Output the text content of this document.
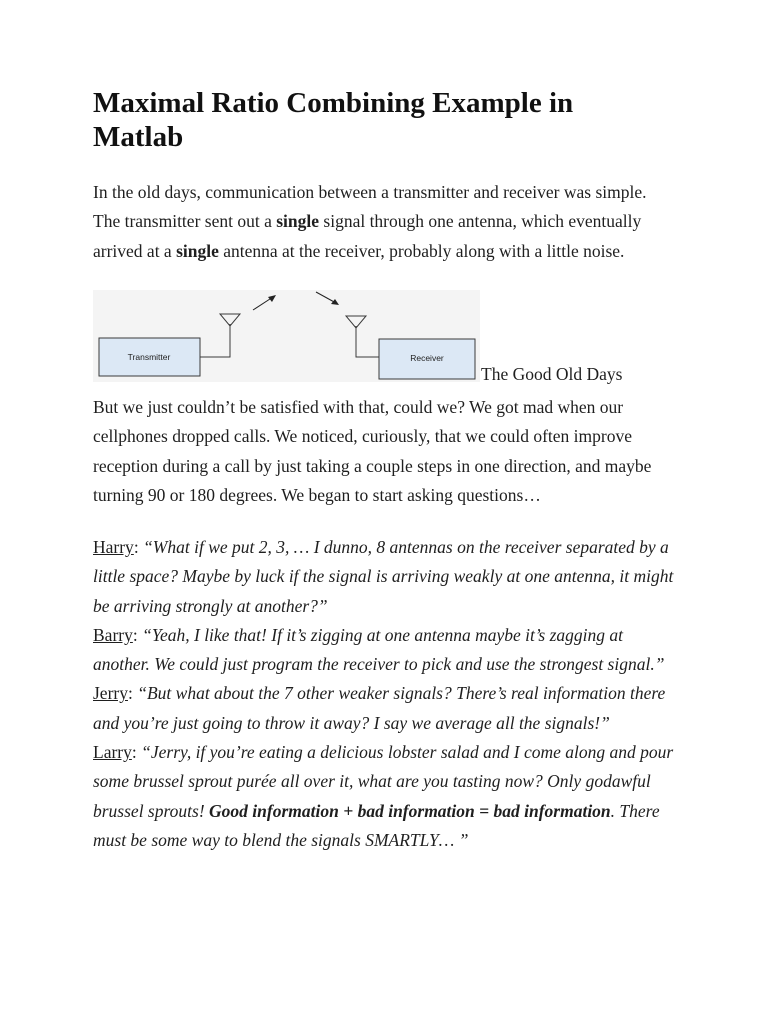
Maximal Ratio Combining Example in Matlab

In the old days, communication between a transmitter and receiver was simple. The transmitter sent out a single signal through one antenna, which eventually arrived at a single antenna at the receiver, probably along with a little noise.

Transmitter	Receiver
The Good Old Days

But we just couldn’t be satisfied with that, could we? We got mad when our cellphones dropped calls. We noticed, curiously, that we could often improve reception during a call by just taking a couple steps in one direction, and maybe turning 90 or 180 degrees. We began to start asking questions…

Harry: “What if we put 2, 3, … I dunno, 8 antennas on the receiver separated by a little space? Maybe by luck if the signal is arriving weakly at one antenna, it might be arriving strongly at another?”

Barry: “Yeah, I like that! If it’s zigging at one antenna maybe it’s zagging at another. We could just program the receiver to pick and use the strongest signal.”

Jerry: “But what about the 7 other weaker signals? There’s real information there and you’re just going to throw it away? I say we average all the signals!”

Larry: “Jerry, if you’re eating a delicious lobster salad and I come along and pour some brussel sprout purée all over it, what are you tasting now? Only godawful brussel sprouts! Good information + bad information = bad information. There must be some way to blend the signals SMARTLY… ”
